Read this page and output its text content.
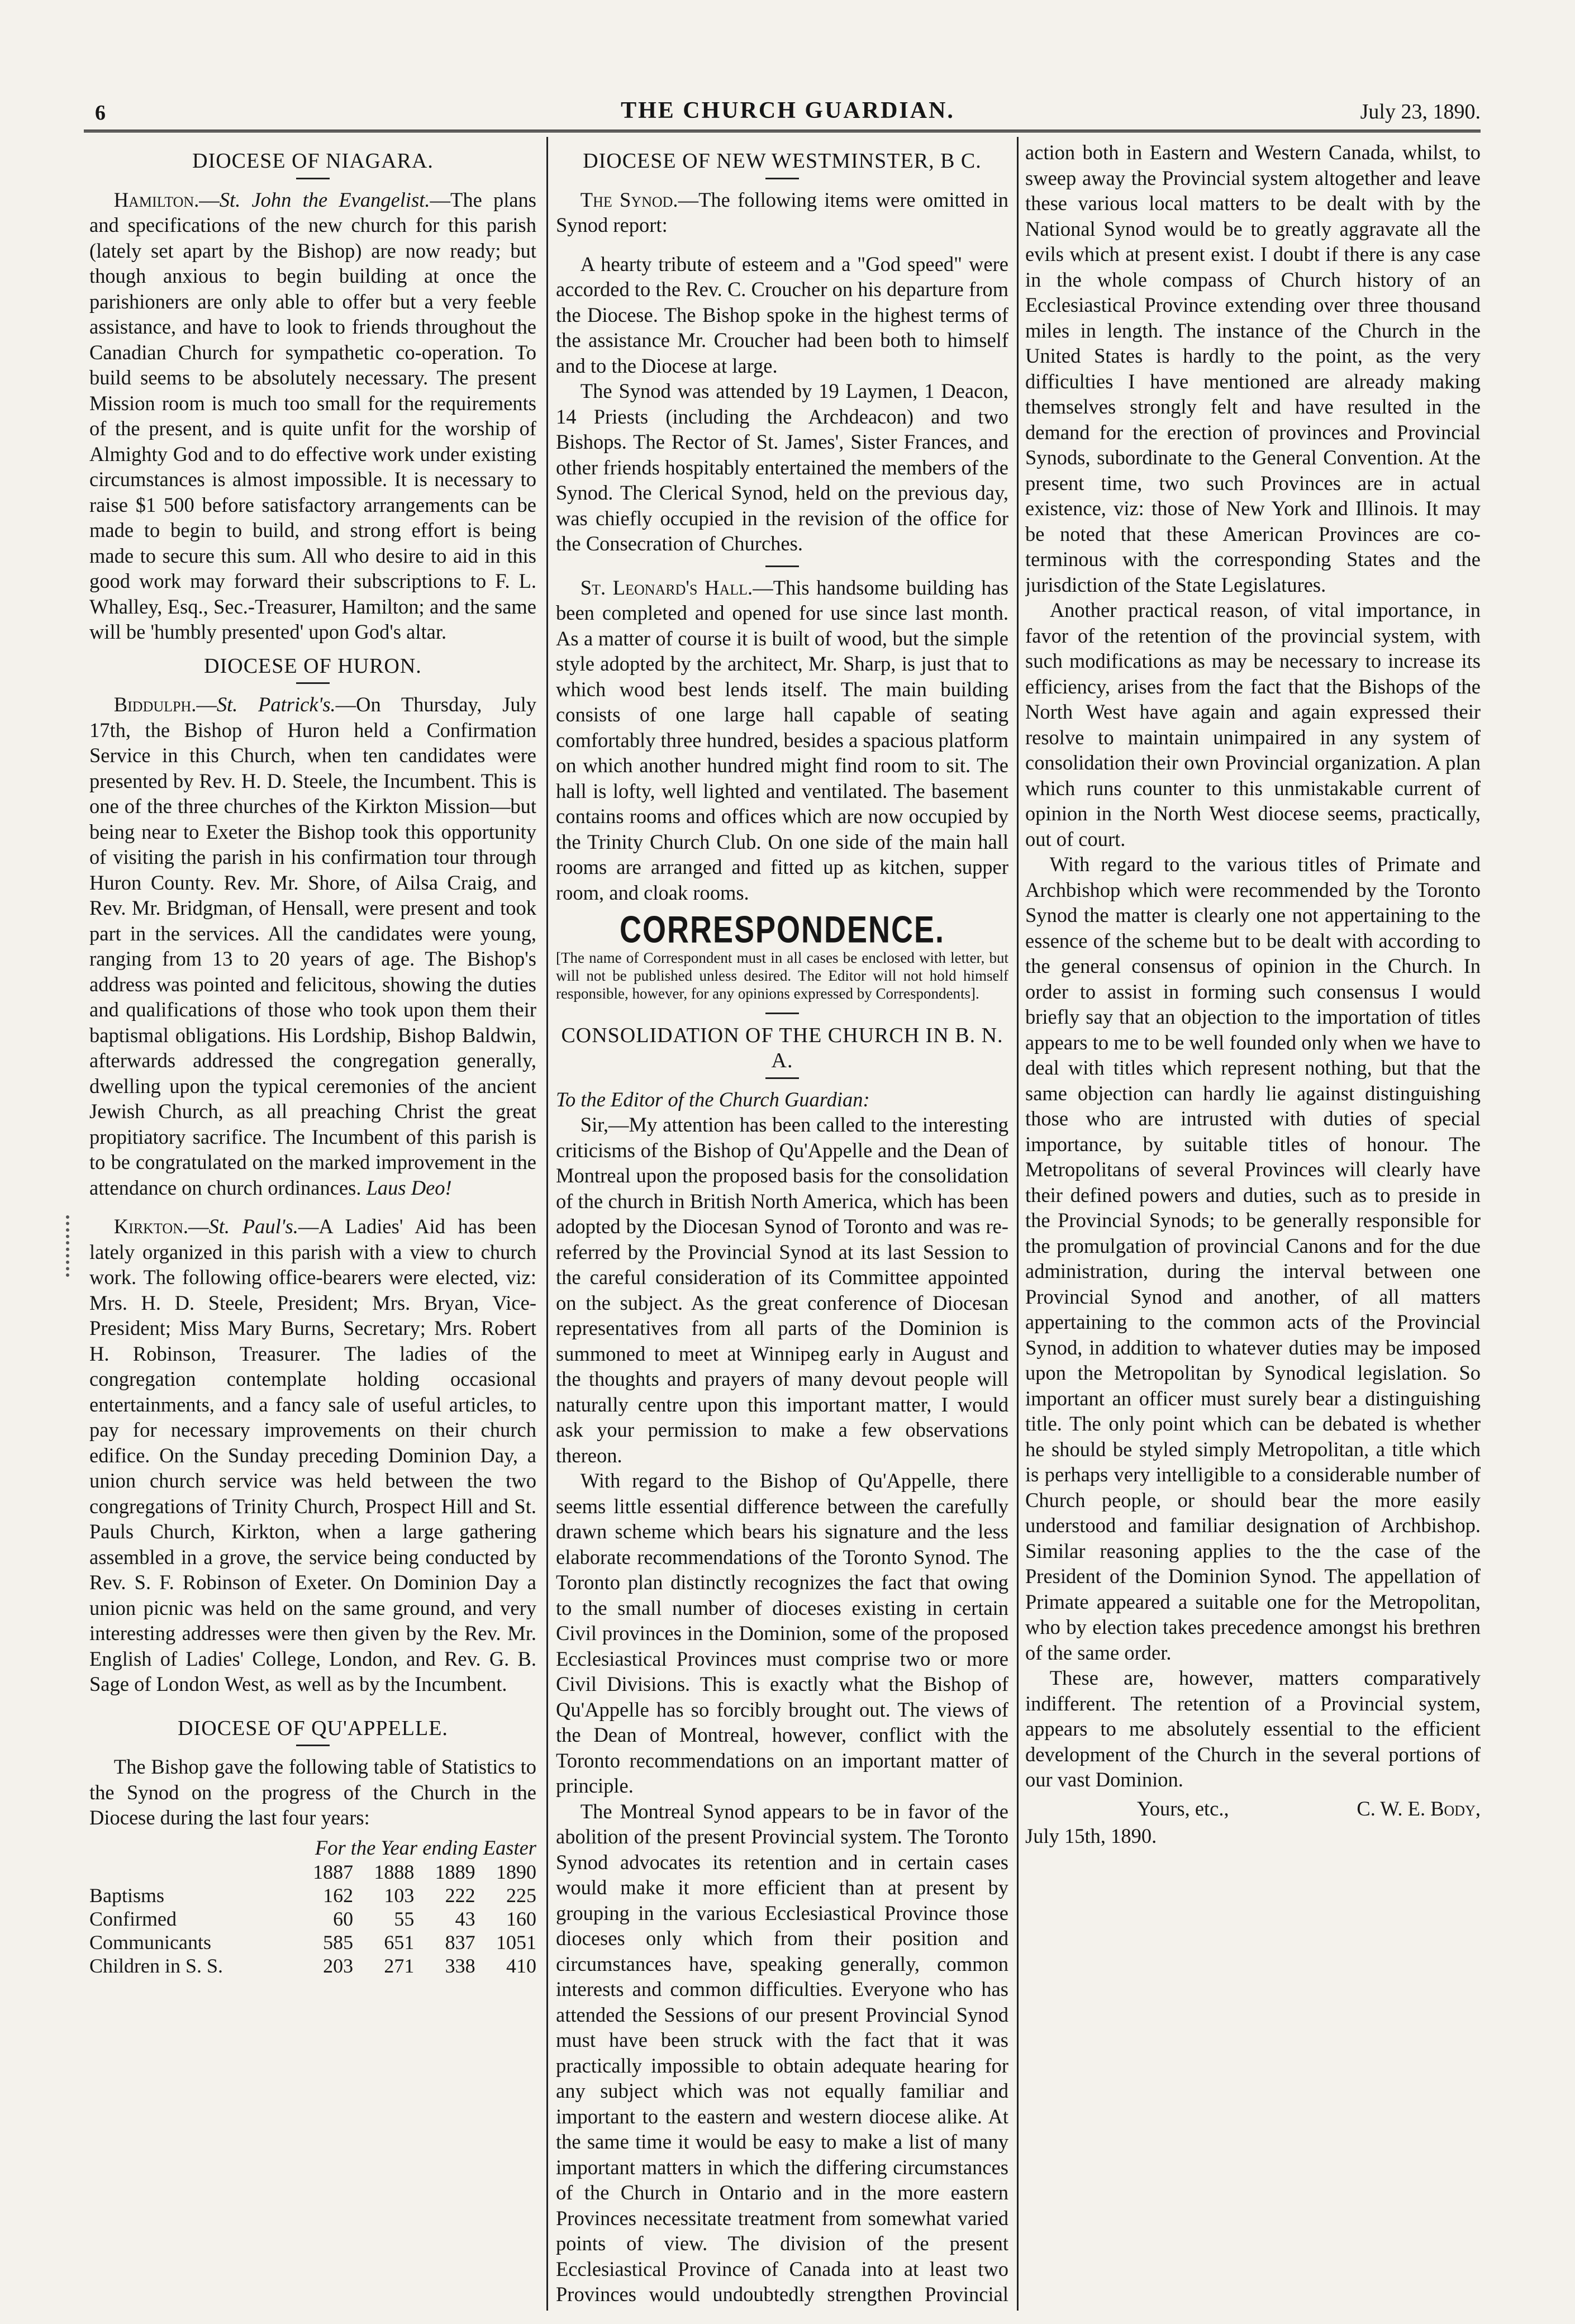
6	THE CHURCH GUARDIAN.	July 23, 1890.
DIOCESE OF NIAGARA.

Hamilton.—St. John the Evangelist.—The plans and specifications of the new church for this parish (lately set apart by the Bishop) are now ready; but though anxious to begin building at once the parishioners are only able to offer but a very feeble assistance, and have to look to friends throughout the Canadian Church for sympathetic co-operation. To build seems to be absolutely necessary. The present Mission room is much too small for the requirements of the present, and is quite unfit for the worship of Almighty God and to do effective work under existing circumstances is almost impossible. It is necessary to raise $1 500 before satisfactory arrangements can be made to begin to build, and strong effort is being made to secure this sum. All who desire to aid in this good work may forward their subscriptions to F. L. Whalley, Esq., Sec.-Treasurer, Hamilton; and the same will be 'humbly presented' upon God's altar.

DIOCESE OF HURON.

Biddulph.—St. Patrick's.—On Thursday, July 17th, the Bishop of Huron held a Confirmation Service in this Church, when ten candidates were presented by Rev. H. D. Steele, the Incumbent. This is one of the three churches of the Kirkton Mission—but being near to Exeter the Bishop took this opportunity of visiting the parish in his confirmation tour through Huron County. Rev. Mr. Shore, of Ailsa Craig, and Rev. Mr. Bridgman, of Hensall, were present and took part in the services. All the candidates were young, ranging from 13 to 20 years of age. The Bishop's address was pointed and felicitous, showing the duties and qualifications of those who took upon them their baptismal obligations. His Lordship, Bishop Baldwin, afterwards addressed the congregation generally, dwelling upon the typical ceremonies of the ancient Jewish Church, as all preaching Christ the great propitiatory sacrifice. The Incumbent of this parish is to be congratulated on the marked improvement in the attendance on church ordinances. Laus Deo!

Kirkton.—St. Paul's.—A Ladies' Aid has been lately organized in this parish with a view to church work. The following office-bearers were elected, viz: Mrs. H. D. Steele, President; Mrs. Bryan, Vice-President; Miss Mary Burns, Secretary; Mrs. Robert H. Robinson, Treasurer. The ladies of the congregation contemplate holding occasional entertainments, and a fancy sale of useful articles, to pay for necessary improvements on their church edifice. On the Sunday preceding Dominion Day, a union church service was held between the two congregations of Trinity Church, Prospect Hill and St. Pauls Church, Kirkton, when a large gathering assembled in a grove, the service being conducted by Rev. S. F. Robinson of Exeter. On Dominion Day a union picnic was held on the same ground, and very interesting addresses were then given by the Rev. Mr. English of Ladies' College, London, and Rev. G. B. Sage of London West, as well as by the Incumbent.

DIOCESE OF QU'APPELLE.

The Bishop gave the following table of Statistics to the Synod on the progress of the Church in the Diocese during the last four years:

For the Year ending Easter
	1887	1888	1889	1890
Baptisms	162	103	222	225
Confirmed	60	55	43	160
Communicants	585	651	837	1051
Children in S. S.	203	271	338	410
DIOCESE OF NEW WESTMINSTER, B C.

The Synod.—The following items were omitted in Synod report:

A hearty tribute of esteem and a "God speed" were accorded to the Rev. C. Croucher on his departure from the Diocese. The Bishop spoke in the highest terms of the assistance Mr. Croucher had been both to himself and to the Diocese at large.

The Synod was attended by 19 Laymen, 1 Deacon, 14 Priests (including the Archdeacon) and two Bishops. The Rector of St. James', Sister Frances, and other friends hospitably entertained the members of the Synod. The Clerical Synod, held on the previous day, was chiefly occupied in the revision of the office for the Consecration of Churches.

St. Leonard's Hall.—This handsome building has been completed and opened for use since last month. As a matter of course it is built of wood, but the simple style adopted by the architect, Mr. Sharp, is just that to which wood best lends itself. The main building consists of one large hall capable of seating comfortably three hundred, besides a spacious platform on which another hundred might find room to sit. The hall is lofty, well lighted and ventilated. The basement contains rooms and offices which are now occupied by the Trinity Church Club. On one side of the main hall rooms are arranged and fitted up as kitchen, supper room, and cloak rooms.

CORRESPONDENCE.
[The name of Correspondent must in all cases be enclosed with letter, but will not be published unless desired. The Editor will not hold himself responsible, however, for any opinions expressed by Correspondents].
CONSOLIDATION OF THE CHURCH IN B. N. A.

To the Editor of the Church Guardian:

Sir,—My attention has been called to the interesting criticisms of the Bishop of Qu'Appelle and the Dean of Montreal upon the proposed basis for the consolidation of the church in British North America, which has been adopted by the Diocesan Synod of Toronto and was re-referred by the Provincial Synod at its last Session to the careful consideration of its Committee appointed on the subject. As the great conference of Diocesan representatives from all parts of the Dominion is summoned to meet at Winnipeg early in August and the thoughts and prayers of many devout people will naturally centre upon this important matter, I would ask your permission to make a few observations thereon.

With regard to the Bishop of Qu'Appelle, there seems little essential difference between the carefully drawn scheme which bears his signature and the less elaborate recommendations of the Toronto Synod. The Toronto plan distinctly recognizes the fact that owing to the small number of dioceses existing in certain Civil provinces in the Dominion, some of the proposed Ecclesiastical Provinces must comprise two or more Civil Divisions. This is exactly what the Bishop of Qu'Appelle has so forcibly brought out. The views of the Dean of Montreal, however, conflict with the Toronto recommendations on an important matter of principle.

The Montreal Synod appears to be in favor of the abolition of the present Provincial system. The Toronto Synod advocates its retention and in certain cases would make it more efficient than at present by grouping in the various Ecclesiastical Province those dioceses only which from their position and circumstances have, speaking generally, common interests and common difficulties. Everyone who has attended the Sessions of our present Provincial Synod must have been struck with the fact that it was practically impossible to obtain adequate hearing for any subject which was not equally familiar and important to the eastern and western diocese alike. At the same time it would be easy to make a list of many important matters in which the differing circumstances of the Church in Ontario and in the more eastern Provinces necessitate treatment from somewhat varied points of view. The division of the present Ecclesiastical Province of Canada into at least two Provinces would undoubtedly strengthen Provincial

action both in Eastern and Western Canada, whilst, to sweep away the Provincial system altogether and leave these various local matters to be dealt with by the National Synod would be to greatly aggravate all the evils which at present exist. I doubt if there is any case in the whole compass of Church history of an Ecclesiastical Province extending over three thousand miles in length. The instance of the Church in the United States is hardly to the point, as the very difficulties I have mentioned are already making themselves strongly felt and have resulted in the demand for the erection of provinces and Provincial Synods, subordinate to the General Convention. At the present time, two such Provinces are in actual existence, viz: those of New York and Illinois. It may be noted that these American Provinces are co-terminous with the corresponding States and the jurisdiction of the State Legislatures.

Another practical reason, of vital importance, in favor of the retention of the provincial system, with such modifications as may be necessary to increase its efficiency, arises from the fact that the Bishops of the North West have again and again expressed their resolve to maintain unimpaired in any system of consolidation their own Provincial organization. A plan which runs counter to this unmistakable current of opinion in the North West diocese seems, practically, out of court.

With regard to the various titles of Primate and Archbishop which were recommended by the Toronto Synod the matter is clearly one not appertaining to the essence of the scheme but to be dealt with according to the general consensus of opinion in the Church. In order to assist in forming such consensus I would briefly say that an objection to the importation of titles appears to me to be well founded only when we have to deal with titles which represent nothing, but that the same objection can hardly lie against distinguishing those who are intrusted with duties of special importance, by suitable titles of honour. The Metropolitans of several Provinces will clearly have their defined powers and duties, such as to preside in the Provincial Synods; to be generally responsible for the promulgation of provincial Canons and for the due administration, during the interval between one Provincial Synod and another, of all matters appertaining to the common acts of the Provincial Synod, in addition to whatever duties may be imposed upon the Metropolitan by Synodical legislation. So important an officer must surely bear a distinguishing title. The only point which can be debated is whether he should be styled simply Metropolitan, a title which is perhaps very intelligible to a considerable number of Church people, or should bear the more easily understood and familiar designation of Archbishop. Similar reasoning applies to the the case of the President of the Dominion Synod. The appellation of Primate appeared a suitable one for the Metropolitan, who by election takes precedence amongst his brethren of the same order.

These are, however, matters comparatively indifferent. The retention of a Provincial system, appears to me absolutely essential to the efficient development of the Church in the several portions of our vast Dominion.

Yours, etc.,	C. W. E. Body,

July 15th, 1890.
